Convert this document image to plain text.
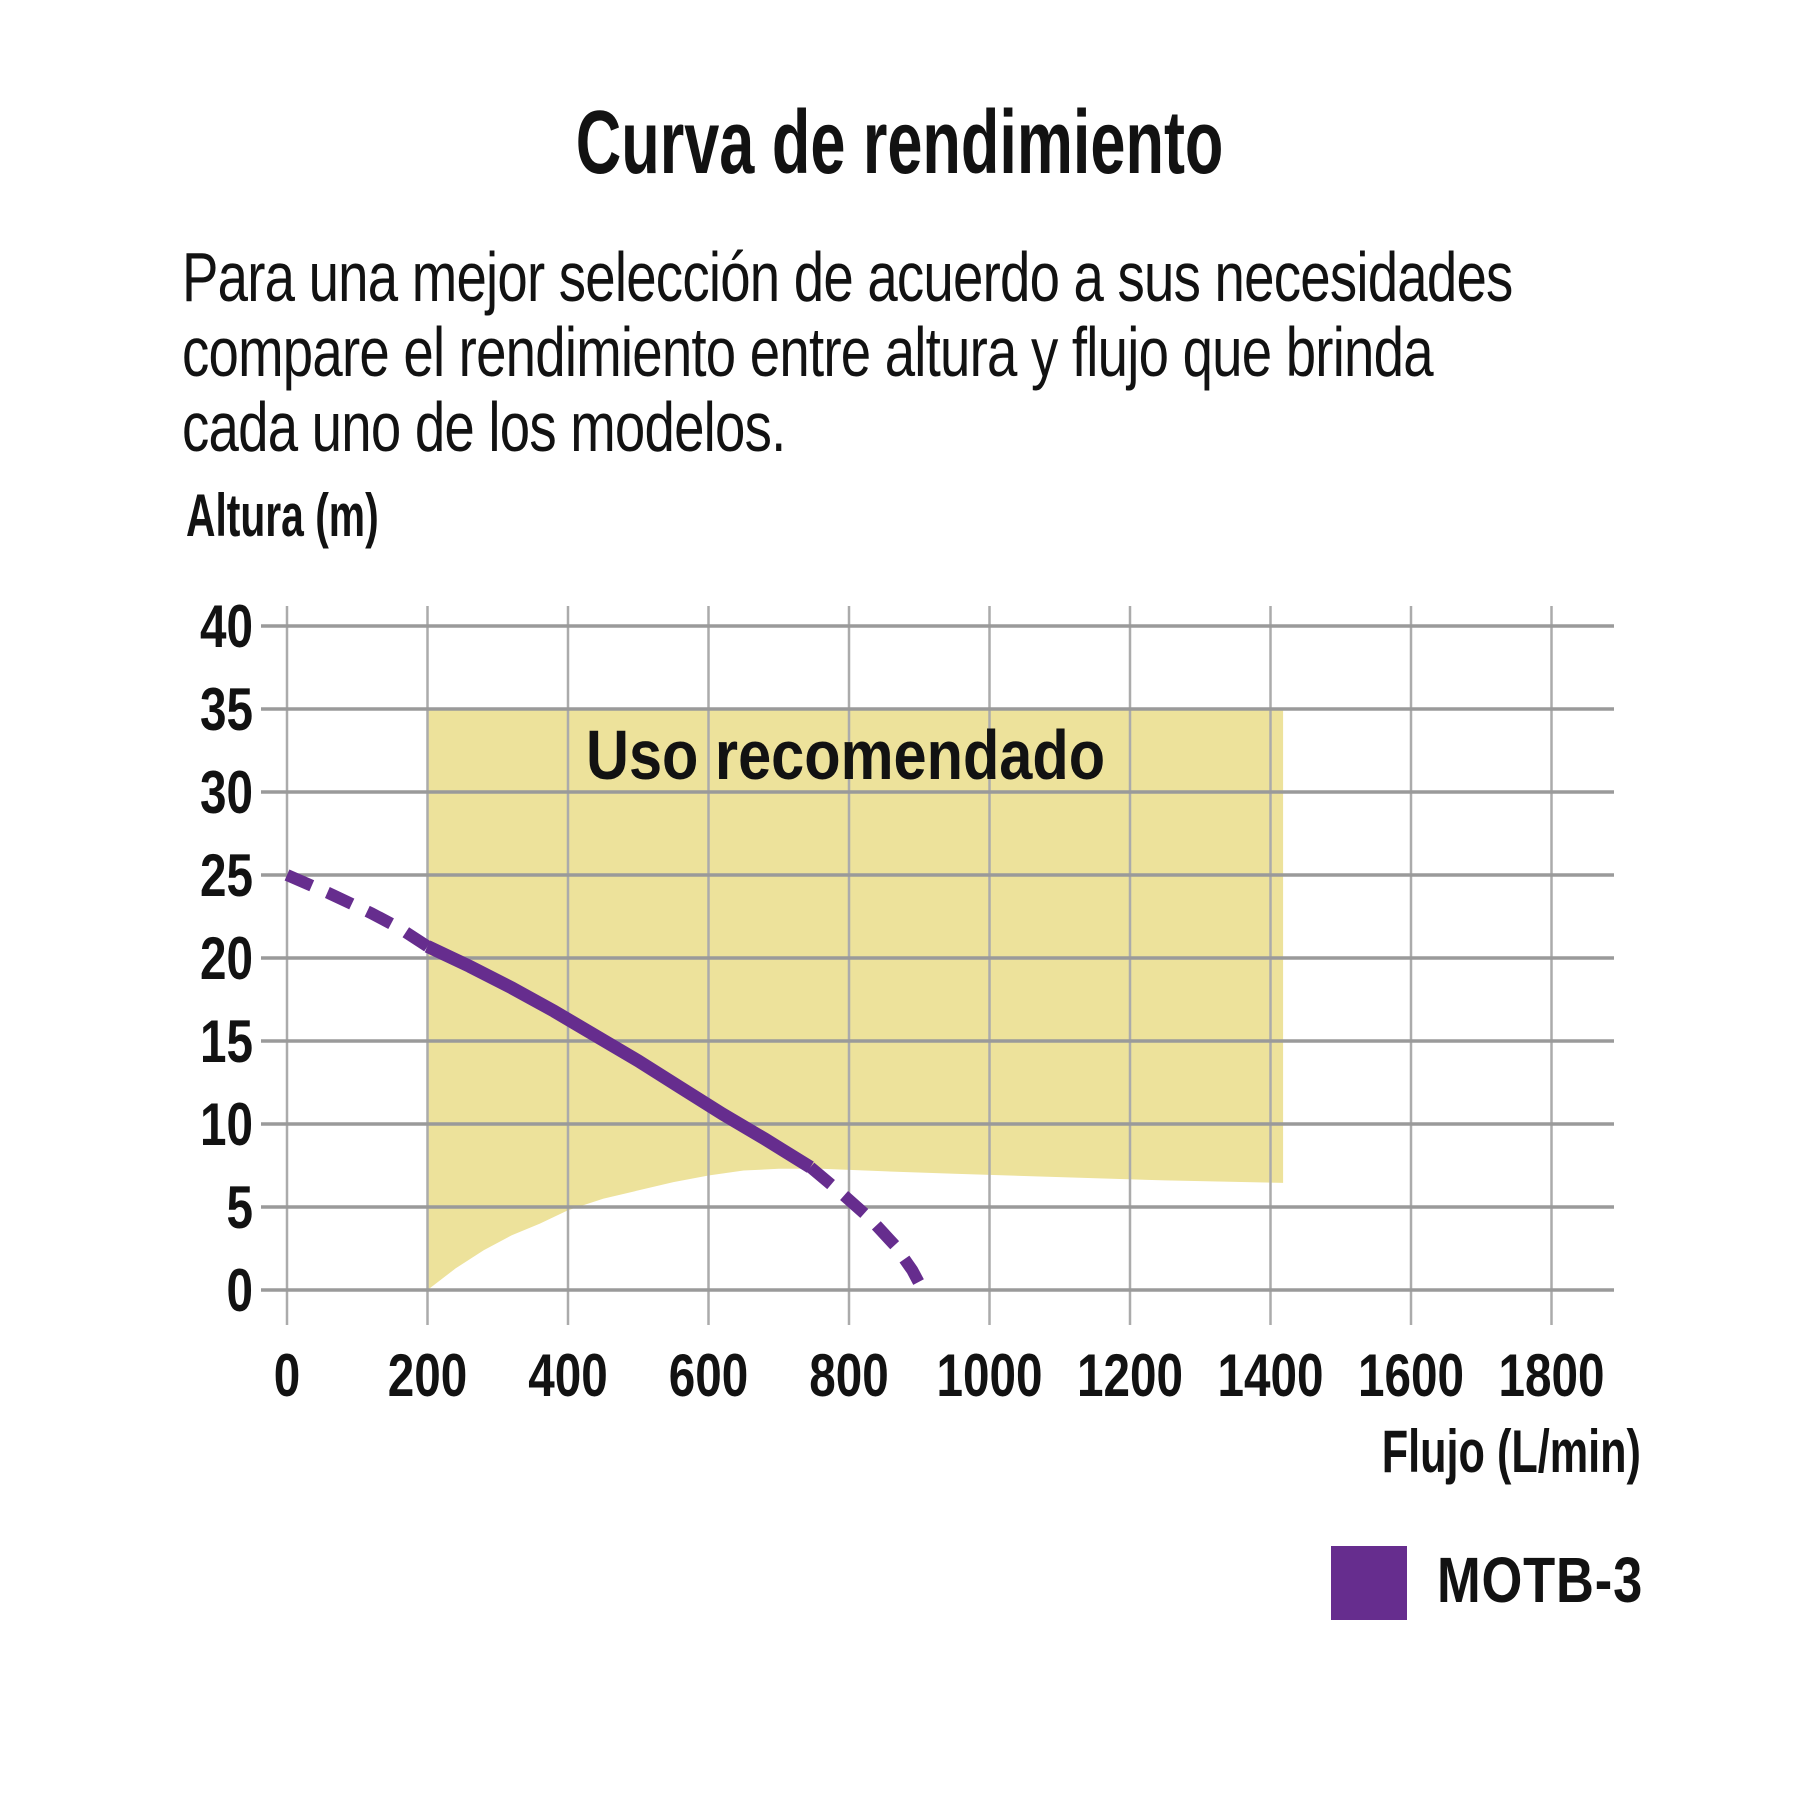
0 200 400 600 800 1000 1200 1400 1600 1800
0
5
10
15
20
25
30
35
40
Curva de rendimiento
Para una mejor selección de acuerdo a sus necesidades
compare el rendimiento entre altura y flujo que brinda
cada uno de los modelos.
Altura (m)
Flujo (L/min)
Uso recomendado
MOTB-3
